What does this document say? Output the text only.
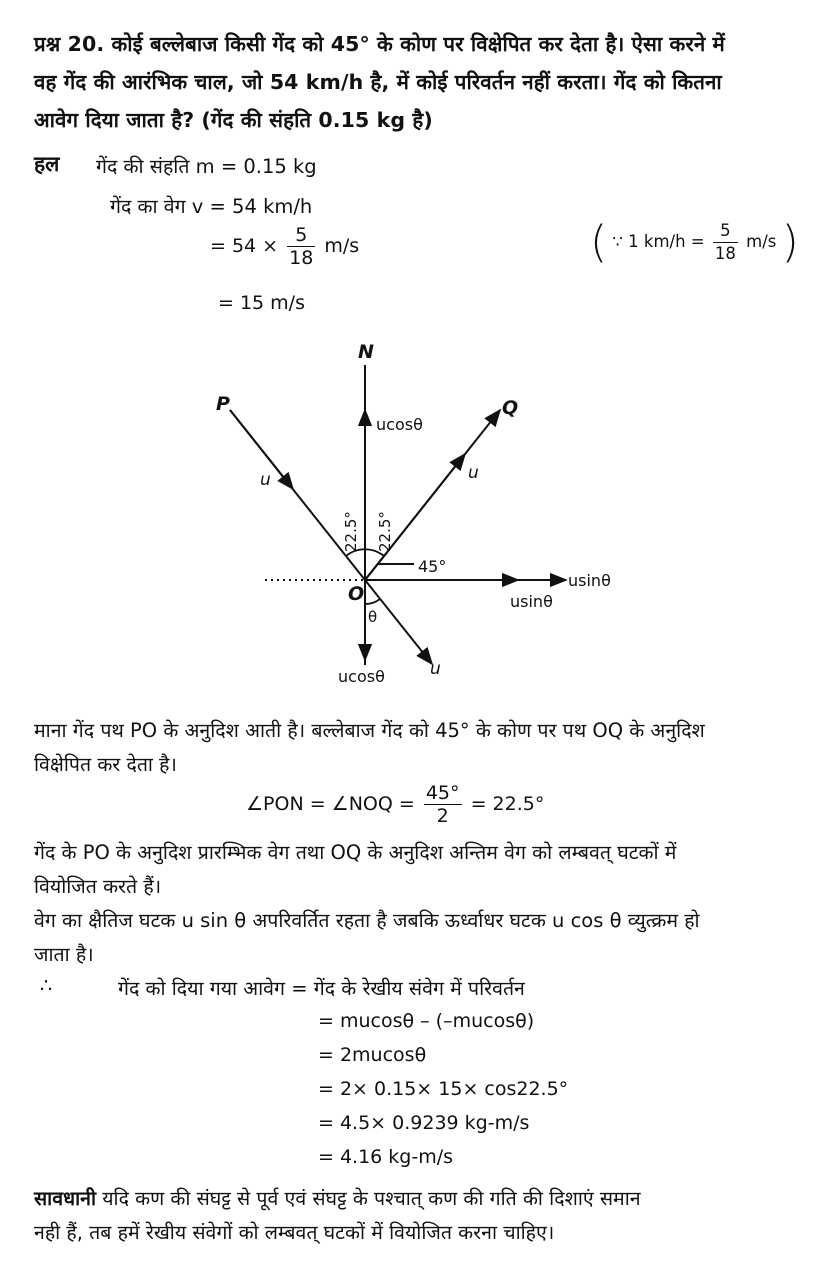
प्रश्न 20. कोई बल्लेबाज किसी गेंद को 45° के कोण पर विक्षेपित कर देता है। ऐसा करने में
वह गेंद की आरंभिक चाल, जो 54 km/h है, में कोई परिवर्तन नहीं करता। गेंद को कितना
आवेग दिया जाता है? (गेंद की संहति 0.15 kg है)
हल गेंद की संहति m = 0.15 kg
गेंद का वेग v = 54 km/h
= $54 \times \frac{5}{18} m/s$	( ∵ 1 $km/h = \frac{5}{18} m/s$ )
= 15 m/s
N
P	Q
O
u	u
u
ucosθ
ucosθ
usinθ
usinθ
45°
θ
22.5° 22.5°
माना गेंद पथ PO के अनुदिश आती है। बल्लेबाज गेंद को 45° के कोण पर पथ OQ के अनुदिश
विक्षेपित कर देता है।
∠PON = ∠NOQ = $\frac{45^\circ}{2} = 22.5^\circ$
गेंद के PO के अनुदिश प्रारम्भिक वेग तथा OQ के अनुदिश अन्तिम वेग को लम्बवत् घटकों में
वियोजित करते हैं।
वेग का क्षैतिज घटक u sin θ अपरिवर्तित रहता है जबकि ऊर्ध्वाधर घटक u cos θ व्युत्क्रम हो
जाता है।
∴	गेंद को दिया गया आवेग = गेंद के रेखीय संवेग में परिवर्तन
= mucosθ – (–mucosθ)
= 2mucosθ
= 2× 0.15× 15× cos22.5°
= 4.5× 0.9239 kg-m/s
= 4.16 kg-m/s
सावधानी यदि कण की संघट्ट से पूर्व एवं संघट्ट के पश्चात् कण की गति की दिशाएं समान
नही हैं, तब हमें रेखीय संवेगों को लम्बवत् घटकों में वियोजित करना चाहिए।
